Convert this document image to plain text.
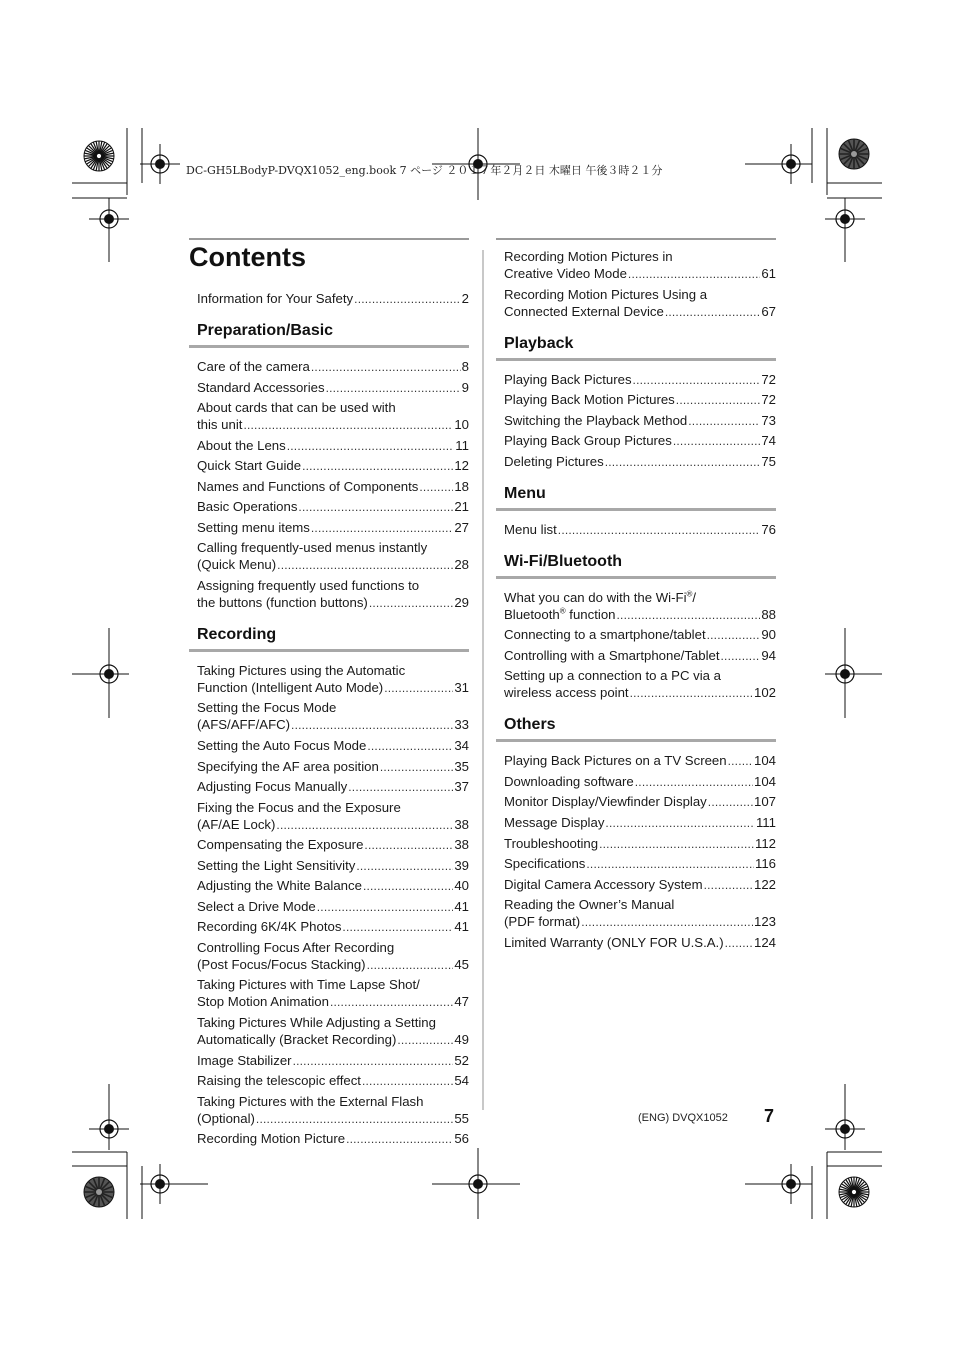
DC-GH5LBodyP-DVQX1052_eng.book 7 ページ ２０１７年２月２日 木曜日 午後３時２１分
Contents
Information for Your Safety .....	2
Preparation/Basic
Care of the camera .....	8
Standard Accessories .....	9
About cards that can be used with
this unit .....	10
About the Lens .....	11
Quick Start Guide .....	12
Names and Functions of Components .....	18
Basic Operations .....	21
Setting menu items .....	27
Calling frequently-used menus instantly
(Quick Menu) .....	28
Assigning frequently used functions to
the buttons (function buttons) .....	29
Recording
Taking Pictures using the Automatic
Function (Intelligent Auto Mode) .....	31
Setting the Focus Mode
(AFS/AFF/AFC) .....	33
Setting the Auto Focus Mode .....	34
Specifying the AF area position .....	35
Adjusting Focus Manually .....	37
Fixing the Focus and the Exposure
(AF/AE Lock) .....	38
Compensating the Exposure .....	38
Setting the Light Sensitivity .....	39
Adjusting the White Balance .....	40
Select a Drive Mode .....	41
Recording 6K/4K Photos .....	41
Controlling Focus After Recording
(Post Focus/Focus Stacking) .....	45
Taking Pictures with Time Lapse Shot/
Stop Motion Animation .....	47
Taking Pictures While Adjusting a Setting
Automatically (Bracket Recording) .....	49
Image Stabilizer .....	52
Raising the telescopic effect .....	54
Taking Pictures with the External Flash
(Optional) .....	55
Recording Motion Picture .....	56
Recording Motion Pictures in
Creative Video Mode .....	61
Recording Motion Pictures Using a
Connected External Device .....	67
Playback
Playing Back Pictures .....	72
Playing Back Motion Pictures .....	72
Switching the Playback Method .....	73
Playing Back Group Pictures .....	74
Deleting Pictures .....	75
Menu
Menu list .....	76
Wi-Fi/Bluetooth
What you can do with the Wi-Fi®/
Bluetooth® function .....	88
Connecting to a smartphone/tablet .....	90
Controlling with a Smartphone/Tablet .....	94
Setting up a connection to a PC via a
wireless access point .....	102
Others
Playing Back Pictures on a TV Screen ..... 104
Downloading software .....	104
Monitor Display/Viewfinder Display .....	107
Message Display .....	111
Troubleshooting .....	112
Specifications .....	116
Digital Camera Accessory System .....	122
Reading the Owner’s Manual
(PDF format) .....	123
Limited Warranty (ONLY FOR U.S.A.) ..... 124
(ENG) DVQX1052 7
